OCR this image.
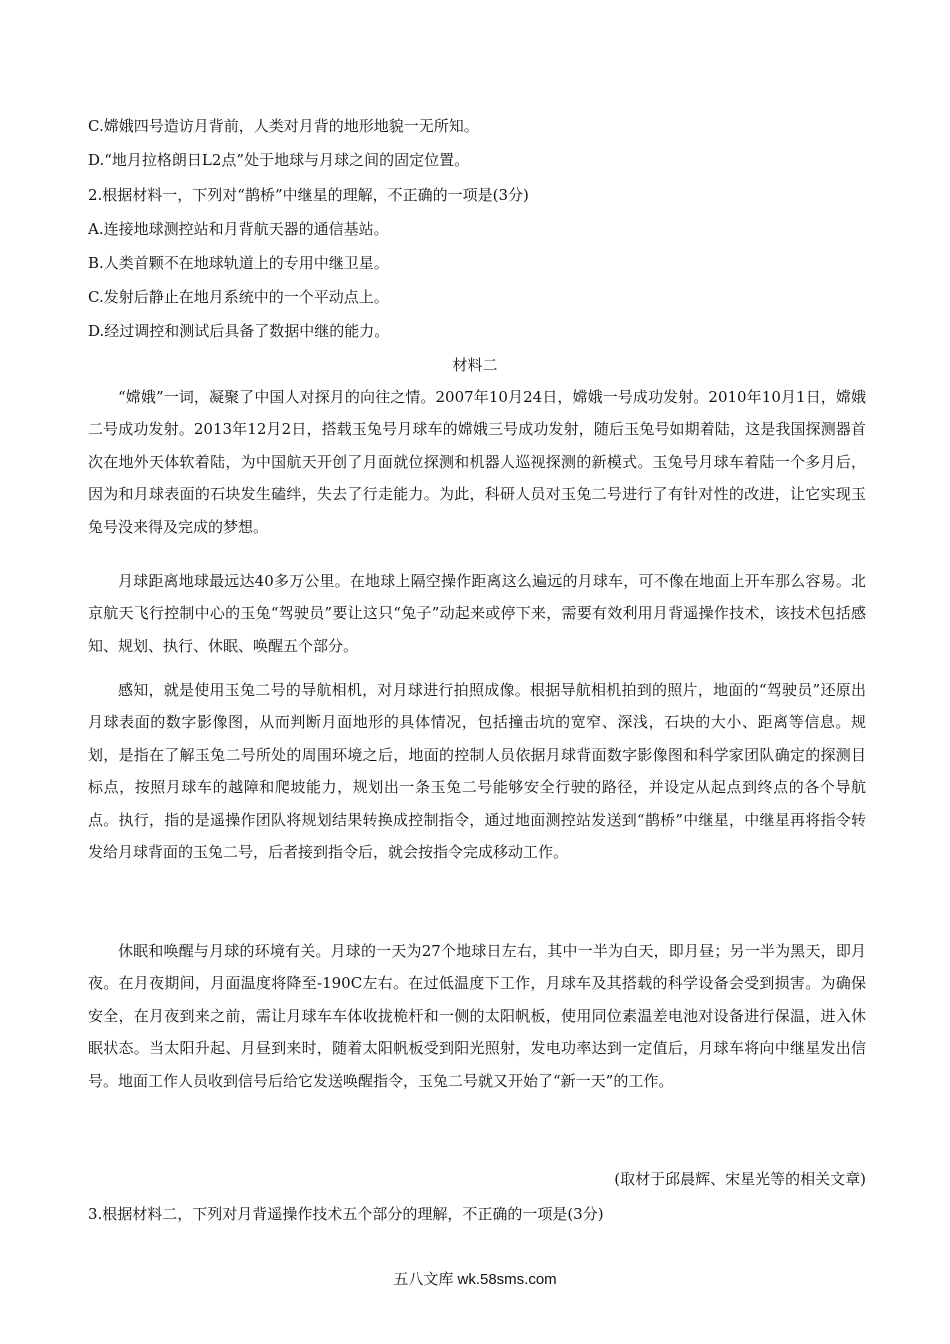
C.嫦娥四号造访月背前，人类对月背的地形地貌一无所知。
D.“地月拉格朗日L2点”处于地球与月球之间的固定位置。
2.根据材料一，下列对“鹊桥”中继星的理解，不正确的一项是(3分)
A.连接地球测控站和月背航天器的通信基站。
B.人类首颗不在地球轨道上的专用中继卫星。
C.发射后静止在地月系统中的一个平动点上。
D.经过调控和测试后具备了数据中继的能力。
材料二

“嫦娥”一词，凝聚了中国人对探月的向往之情。2007年10月24日，嫦娥一号成功发射。2010年10月1日，嫦娥二号成功发射。2013年12月2日，搭载玉兔号月球车的嫦娥三号成功发射，随后玉兔号如期着陆，这是我国探测器首次在地外天体软着陆，为中国航天开创了月面就位探测和机器人巡视探测的新模式。玉兔号月球车着陆一个多月后，因为和月球表面的石块发生磕绊，失去了行走能力。为此，科研人员对玉兔二号进行了有针对性的改进，让它实现玉兔号没来得及完成的梦想。

月球距离地球最远达40多万公里。在地球上隔空操作距离这么遍远的月球车，可不像在地面上开车那么容易。北京航天飞行控制中心的玉兔“驾驶员”要让这只“兔子”动起来或停下来，需要有效利用月背遥操作技术，该技术包括感知、规划、执行、休眠、唤醒五个部分。

感知，就是使用玉兔二号的导航相机，对月球进行拍照成像。根据导航相机拍到的照片，地面的“驾驶员”还原出月球表面的数字影像图，从而判断月面地形的具体情况，包括撞击坑的宽窄、深浅，石块的大小、距离等信息。规划，是指在了解玉兔二号所处的周围环境之后，地面的控制人员依据月球背面数字影像图和科学家团队确定的探测目标点，按照月球车的越障和爬坡能力，规划出一条玉兔二号能够安全行驶的路径，并设定从起点到终点的各个导航点。执行，指的是遥操作团队将规划结果转换成控制指令，通过地面测控站发送到“鹊桥”中继星，中继星再将指令转发给月球背面的玉兔二号，后者接到指令后，就会按指令完成移动工作。

休眠和唤醒与月球的环境有关。月球的一天为27个地球日左右，其中一半为白天，即月昼；另一半为黑天，即月夜。在月夜期间，月面温度将降至-190C左右。在过低温度下工作，月球车及其搭载的科学设备会受到损害。为确保安全，在月夜到来之前，需让月球车车体收拢桅杆和一侧的太阳帆板，使用同位素温差电池对设备进行保温，进入休眠状态。当太阳升起、月昼到来时，随着太阳帆板受到阳光照射，发电功率达到一定值后，月球车将向中继星发出信号。地面工作人员收到信号后给它发送唤醒指令，玉兔二号就又开始了“新一天”的工作。

(取材于邱晨辉、宋星光等的相关文章)
3.根据材料二，下列对月背遥操作技术五个部分的理解，不正确的一项是(3分)
五八文库 wk.58sms.com
